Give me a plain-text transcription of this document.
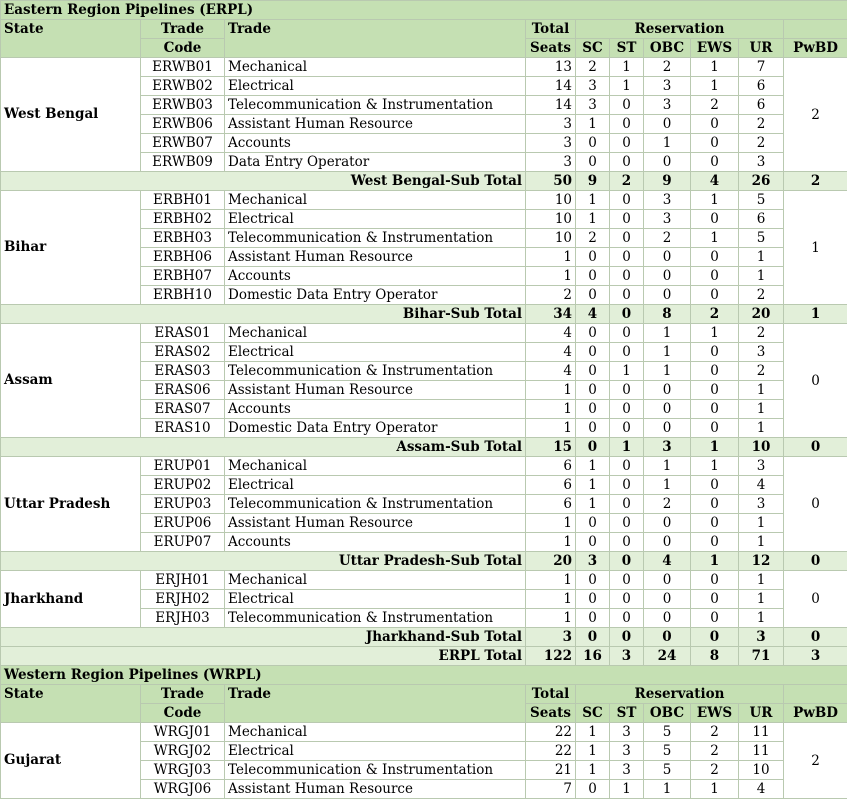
Eastern Region Pipelines (ERPL)									
State	Trade	Trade	Total	Reservation					
	Code		Seats	SC	ST	OBC	EWS	UR	PwBD
West Bengal	ERWB01	Mechanical	13	2	1	2	1	7	2
	ERWB02	Electrical	14	3	1	3	1	6	
	ERWB03	Telecommunication & Instrumentation	14	3	0	3	2	6	
	ERWB06	Assistant Human Resource	3	1	0	0	0	2	
	ERWB07	Accounts	3	0	0	1	0	2	
	ERWB09	Data Entry Operator	3	0	0	0	0	3	
West Bengal-Sub Total			50	9	2	9	4	26	2
Bihar	ERBH01	Mechanical	10	1	0	3	1	5	1
	ERBH02	Electrical	10	1	0	3	0	6	
	ERBH03	Telecommunication & Instrumentation	10	2	0	2	1	5	
	ERBH06	Assistant Human Resource	1	0	0	0	0	1	
	ERBH07	Accounts	1	0	0	0	0	1	
	ERBH10	Domestic Data Entry Operator	2	0	0	0	0	2	
Bihar-Sub Total			34	4	0	8	2	20	1
Assam	ERAS01	Mechanical	4	0	0	1	1	2	0
	ERAS02	Electrical	4	0	0	1	0	3	
	ERAS03	Telecommunication & Instrumentation	4	0	1	1	0	2	
	ERAS06	Assistant Human Resource	1	0	0	0	0	1	
	ERAS07	Accounts	1	0	0	0	0	1	
	ERAS10	Domestic Data Entry Operator	1	0	0	0	0	1	
Assam-Sub Total			15	0	1	3	1	10	0
Uttar Pradesh	ERUP01	Mechanical	6	1	0	1	1	3	0
	ERUP02	Electrical	6	1	0	1	0	4	
	ERUP03	Telecommunication & Instrumentation	6	1	0	2	0	3	
	ERUP06	Assistant Human Resource	1	0	0	0	0	1	
	ERUP07	Accounts	1	0	0	0	0	1	
Uttar Pradesh-Sub Total			20	3	0	4	1	12	0
Jharkhand	ERJH01	Mechanical	1	0	0	0	0	1	0
	ERJH02	Electrical	1	0	0	0	0	1	
	ERJH03	Telecommunication & Instrumentation	1	0	0	0	0	1	
Jharkhand-Sub Total			3	0	0	0	0	3	0
ERPL Total			122	16	3	24	8	71	3
Western Region Pipelines (WRPL)									
State	Trade	Trade	Total	Reservation					
	Code		Seats	SC	ST	OBC	EWS	UR	PwBD
Gujarat	WRGJ01	Mechanical	22	1	3	5	2	11	2
	WRGJ02	Electrical	22	1	3	5	2	11	
	WRGJ03	Telecommunication & Instrumentation	21	1	3	5	2	10	
	WRGJ06	Assistant Human Resource	7	0	1	1	1	4	
